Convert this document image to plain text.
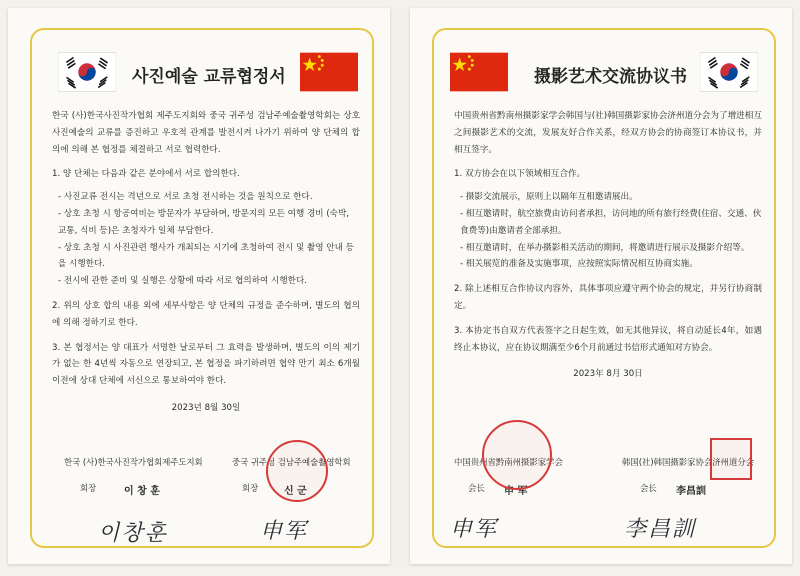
사진예술 교류협정서

한국 (사)한국사진작가협회 제주도지회와 중국 귀주성 검남주예술촬영학회는 상호 사진예술의 교류를 증진하고 우호적 관계를 발전시켜 나가기 위하여 양 단체의 합의에 의해 본 협정를 체결하고 서로 협력한다.

1. 양 단체는 다음과 같은 분야에서 서로 합의한다.
- 사진교류 전시는 격년으로 서로 초청 전시하는 것을 원칙으로 한다.
- 상호 초청 시 항공여비는 방문자가 부담하며, 방문지의 모든 여행 경비 (숙박, 교통, 식비 등)은 초청자가 일체 부담한다.
- 상호 초청 시 사진관련 행사가 개최되는 시기에 초청하여 전시 및 촬영 안내 등을 시행한다.
- 전시에 관한 준비 및 실행은 상황에 따라 서로 협의하여 시행한다.

2. 위의 상호 합의 내용 외에 세부사항은 양 단체의 규정을 준수하며, 별도의 협의에 의해 정하기로 한다.

3. 본 협정서는 양 대표가 서명한 날로부터 그 효력을 발생하며, 별도의 이의 제기가 없는 한 4년씩 자동으로 연장되고, 본 협정을 파기하려면 협약 만기 최소 6개월 이전에 상대 단체에 서신으로 통보하여야 한다.

2023년 8월 30일
한국 (사)한국사진작가협회제주도지회	중국 귀주성 검남주예술촬영학회
회장	이 창 훈	회장	신 군
이창훈	申军
摄影艺术交流协议书

中国贵州省黔南州摄影家学会韩国与(社)韩国摄影家协会济州道分会为了增进相互之间摄影艺术的交流，发展友好合作关系，经双方协会的协商签订本协议书，并相互签字。

1. 双方协会在以下领域相互合作。
- 摄影交流展示，原则上以隔年互相邀请展出。
- 相互邀请时，航空旅费由访问者承担，访问地的所有旅行经费(住宿、交通、伙食费等)由邀请者全部承担。
- 相互邀请时，在举办摄影相关活动的期间，将邀请进行展示及摄影介绍等。
- 相关展览的准备及实施事项，应按照实际情况相互协商实施。

2. 除上述相互合作协议内容外，具体事项应遵守两个协会的规定，并另行协商制定。

3. 本协定书自双方代表签字之日起生效，如无其他异议，将自动延长4年，如遇终止本协议，应在协议期满至少6个月前通过书信形式通知对方协会。

2023年 8月 30日
中国贵州省黔南州摄影家学会	韩国(社)韩国摄影家协会济州道分会
会长 申 军	会长 李昌訓
申军	李昌訓
